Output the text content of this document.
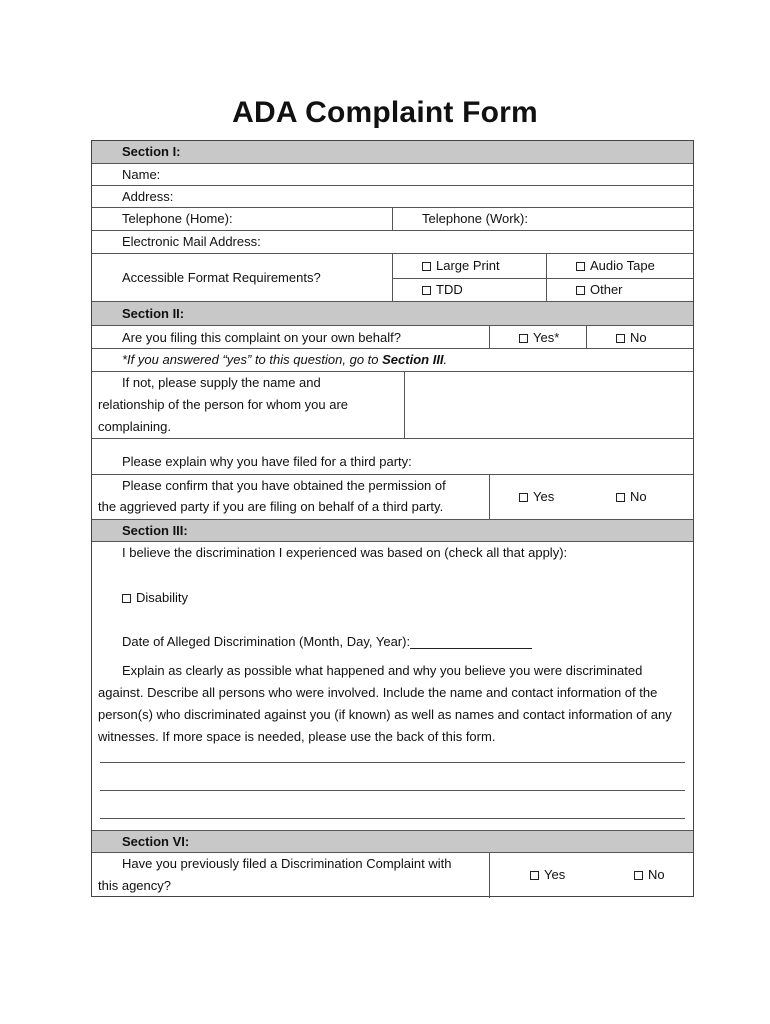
ADA Complaint Form
Section I:
Name:
Address:
Telephone (Home):	Telephone (Work):
Electronic Mail Address:
Accessible Format Requirements?
Large Print	Audio Tape
TDD	Other
Section II:
Are you filing this complaint on your own behalf?	Yes*	No
*If you answered “yes” to this question, go to Section III.
If not, please supply the name and
relationship of the person for whom you are
complaining.
Please explain why you have filed for a third party:
Please confirm that you have obtained the permission of
the aggrieved party if you are filing on behalf of a third party.
Yes	No
Section III:
I believe the discrimination I experienced was based on (check all that apply):
Disability
Date of Alleged Discrimination (Month, Day, Year):
Explain as clearly as possible what happened and why you believe you were discriminated against. Describe all persons who were involved. Include the name and contact information of the person(s) who discriminated against you (if known) as well as names and contact information of any witnesses. If more space is needed, please use the back of this form.
Section VI:
Have you previously filed a Discrimination Complaint with
this agency?
Yes	No
